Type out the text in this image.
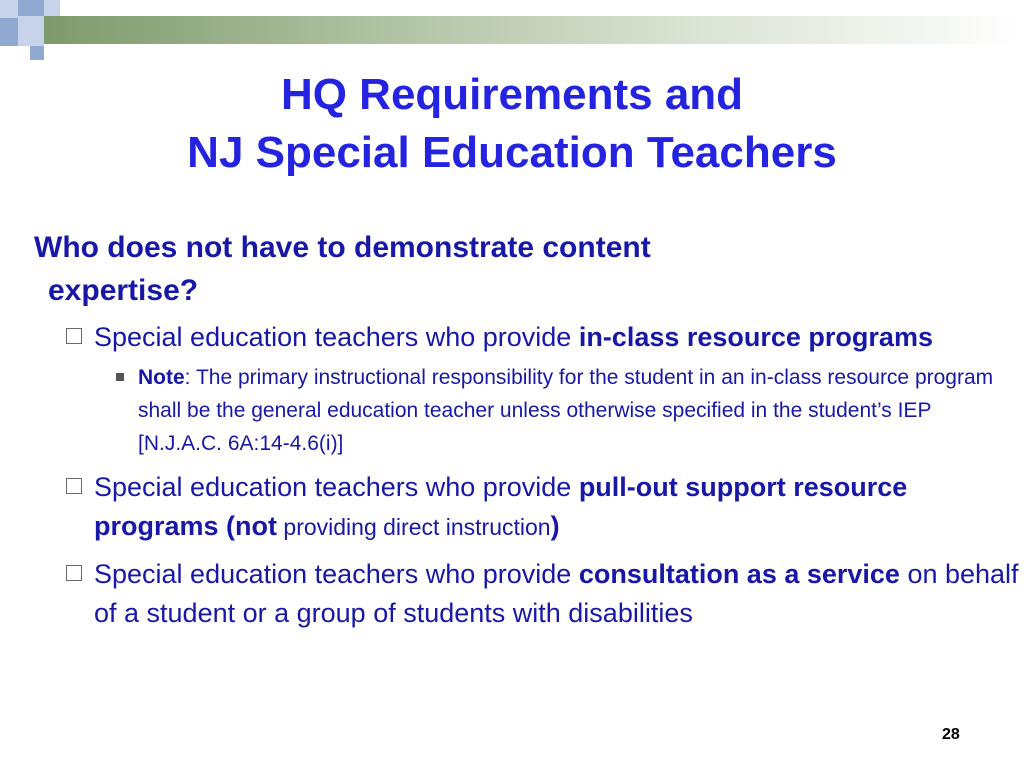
HQ Requirements and
NJ Special Education Teachers
Who does not have to demonstrate content
expertise?
Special education teachers who provide in-class resource programs
Note: The primary instructional responsibility for the student in an in-class resource program shall be the general education teacher unless otherwise specified in the student’s IEP [N.J.A.C. 6A:14-4.6(i)]
Special education teachers who provide pull-out support resource programs (not providing direct instruction)
Special education teachers who provide consultation as a service on behalf of a student or a group of students with disabilities
28
